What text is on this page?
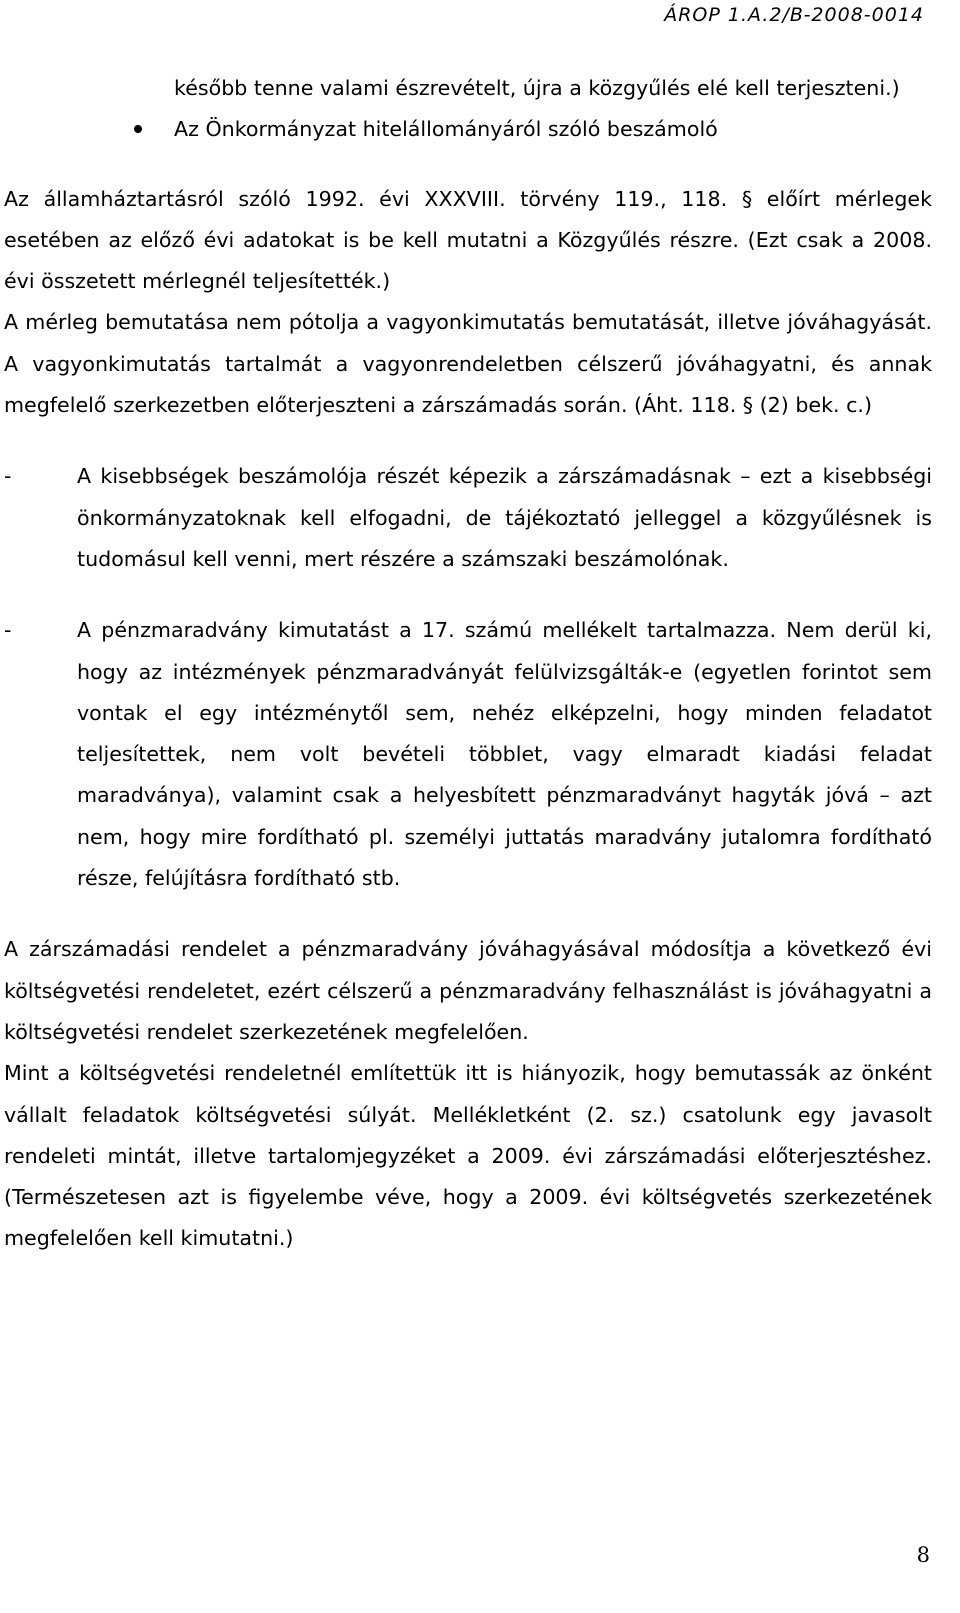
ÁROP 1.A.2/B-2008-0014

később tenne valami észrevételt, újra a közgyűlés elé kell terjeszteni.)

Az Önkormányzat hitelállományáról szóló beszámoló

Az államháztartásról szóló 1992. évi XXXVIII. törvény 119., 118. § előírt mérlegek esetében az előző évi adatokat is be kell mutatni a Közgyűlés részre. (Ezt csak a 2008. évi összetett mérlegnél teljesítették.)

A mérleg bemutatása nem pótolja a vagyonkimutatás bemutatását, illetve jóváhagyását. A vagyonkimutatás tartalmát a vagyonrendeletben célszerű jóváhagyatni, és annak megfelelő szerkezetben előterjeszteni a zárszámadás során. (Áht. 118. § (2) bek. c.)

-	A kisebbségek beszámolója részét képezik a zárszámadásnak – ezt a kisebbségi önkormányzatoknak kell elfogadni, de tájékoztató jelleggel a közgyűlésnek is tudomásul kell venni, mert részére a számszaki beszámolónak.
-	A pénzmaradvány kimutatást a 17. számú mellékelt tartalmazza. Nem derül ki, hogy az intézmények pénzmaradványát felülvizsgálták-e (egyetlen forintot sem vontak el egy intézménytől sem, nehéz elképzelni, hogy minden feladatot teljesítettek, nem volt bevételi többlet, vagy elmaradt kiadási feladat maradványa), valamint csak a helyesbített pénzmaradványt hagyták jóvá – azt nem, hogy mire fordítható pl. személyi juttatás maradvány jutalomra fordítható része, felújításra fordítható stb.

A zárszámadási rendelet a pénzmaradvány jóváhagyásával módosítja a következő évi költségvetési rendeletet, ezért célszerű a pénzmaradvány felhasználást is jóváhagyatni a költségvetési rendelet szerkezetének megfelelően.

Mint a költségvetési rendeletnél említettük itt is hiányozik, hogy bemutassák az önként vállalt feladatok költségvetési súlyát. Mellékletként (2. sz.) csatolunk egy javasolt rendeleti mintát, illetve tartalomjegyzéket a 2009. évi zárszámadási előterjesztéshez. (Természetesen azt is figyelembe véve, hogy a 2009. évi költségvetés szerkezetének megfelelően kell kimutatni.)

8
